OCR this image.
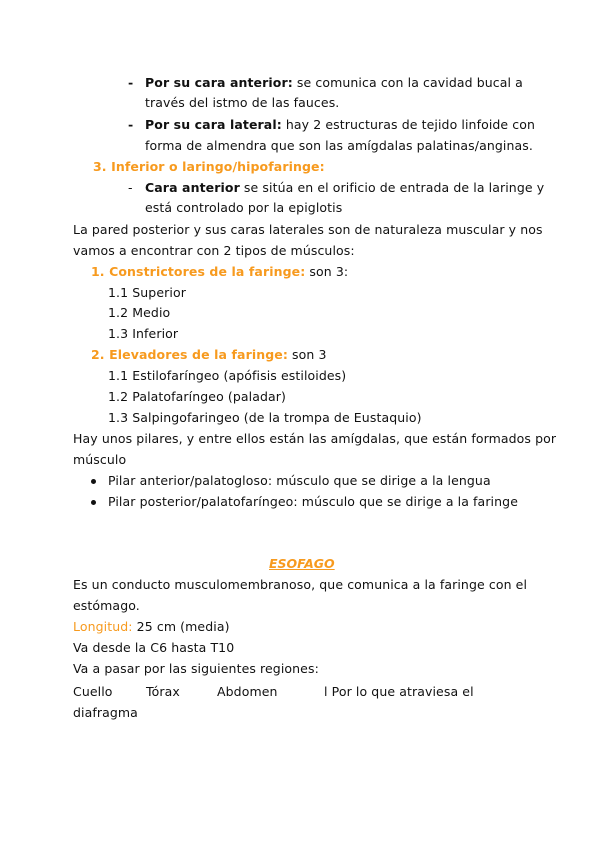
- Por su cara anterior: se comunica con la cavidad bucal a
través del istmo de las fauces.
- Por su cara lateral: hay 2 estructuras de tejido linfoide con
forma de almendra que son las amígdalas palatinas/anginas.
3. Inferior o laringo/hipofaringe:
- Cara anterior se sitúa en el orificio de entrada de la laringe y
está controlado por la epiglotis
La pared posterior y sus caras laterales son de naturaleza muscular y nos
vamos a encontrar con 2 tipos de músculos:
1. Constrictores de la faringe: son 3:
1.1 Superior
1.2 Medio
1.3 Inferior
2. Elevadores de la faringe: son 3
1.1 Estilofaríngeo (apófisis estiloides)
1.2 Palatofaríngeo (paladar)
1.3 Salpingofaringeo (de la trompa de Eustaquio)
Hay unos pilares, y entre ellos están las amígdalas, que están formados por
músculo
Pilar anterior/palatogloso: músculo que se dirige a la lengua
Pilar posterior/palatofaríngeo: músculo que se dirige a la faringe
ESOFAGO
Es un conducto musculomembranoso, que comunica a la faringe con el
estómago.
Longitud: 25 cm (media)
Va desde la C6 hasta T10
Va a pasar por las siguientes regiones:
Cuello	Tórax	Abdomen	l Por lo que atraviesa el
diafragma
